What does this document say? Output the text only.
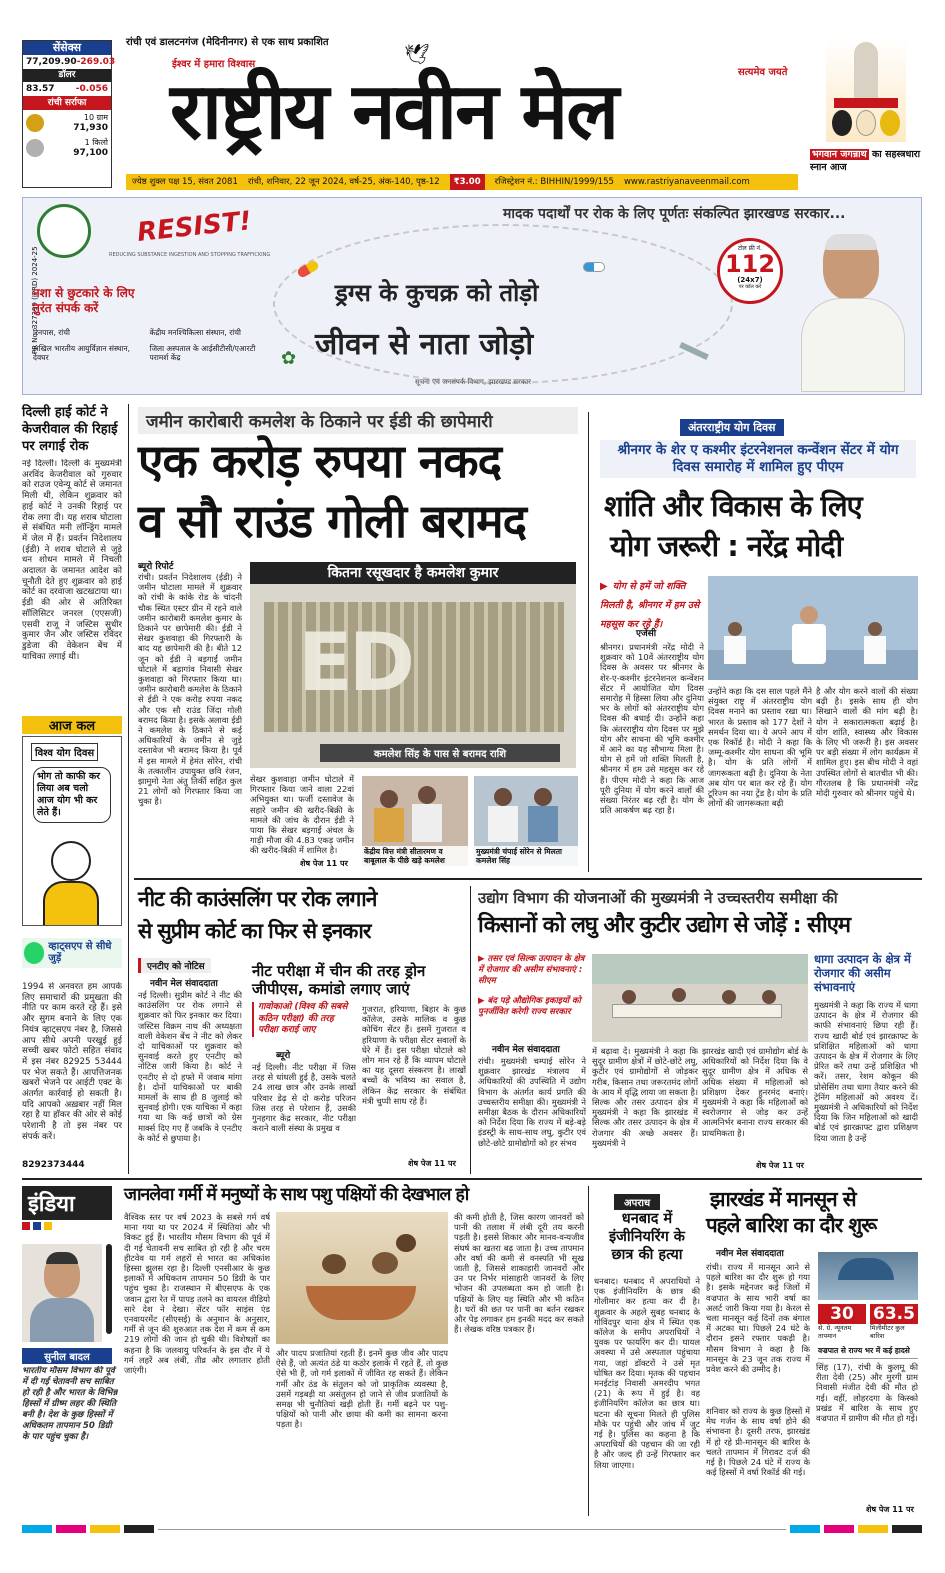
सेंसेक्स
77,209.90 -269.03
डॉलर
83.57 -0.056
रांची सर्राफा
10 ग्राम
71,930
1 किलो
97,100
रांची एवं डालटनगंज (मेदिनीनगर) से एक साथ प्रकाशित
ईश्वर में हमारा विश्वास
सत्यमेव जयते
🕊
राष्ट्रीय नवीन मेल
ज्येष्ठ शुक्ल पक्ष 15, संवत 2081 रांची, शनिवार, 22 जून 2024, वर्ष-25, अंक-140, पृष्ठ-12	₹3.00	रजिस्ट्रेशन नं.: BIHHIN/1999/155 www.rastriyanaveenmail.com
भगवान जगन्नाथ का सहस्त्रधारा स्नान आज
PR No. 327399 (IPRD) 2024-25
मादक पदार्थों पर रोक के लिए पूर्णतः संकल्पित झारखण्ड सरकार...
RESIST!
REDUCING SUBSTANCE INGESTION AND STOPPING TRAFFICKING
नशा से छुटकारे के लिए तुरंत संपर्क करें
रिनपास, रांची	केंद्रीय मनश्चिकित्सा संस्थान, रांची
अखिल भारतीय आयुर्विज्ञान संस्थान, देवघर
जिला अस्पताल के आईसीटीसी/एआरटी परामर्श केंद्र	✿
ड्रग्स के कुचक्र को तोड़ो
जीवन से नाता जोड़ो
सूचना एवं जनसंपर्क विभाग, झारखण्ड सरकार
टोल फ्री नं.
112
(24x7)
पर कॉल करें
दिल्ली हाई कोर्ट ने केजरीवाल की रिहाई पर लगाई रोक
नई दिल्ली। दिल्ली के मुख्यमंत्री अरविंद केजरीवाल को गुरुवार को राउज एवेन्यू कोर्ट से जमानत मिली थी, लेकिन शुक्रवार को हाई कोर्ट ने उनकी रिहाई पर रोक लगा दी। यह शराब घोटाला से संबंधित मनी लॉन्ड्रिंग मामले में जेल में हैं। प्रवर्तन निदेशालय (ईडी) ने शराब घोटाले से जुड़े धन शोधन मामले में निचली अदालत के जमानत आदेश को चुनौती देते हुए शुक्रवार को हाई कोर्ट का दरवाजा खटखटाया था। ईडी की ओर से अतिरिक्त सॉलिसिटर जनरल (एएसजी) एसवी राजू ने जस्टिस सुधीर कुमार जैन और जस्टिस रविंदर डुडेजा की वेकेशन बेंच में याचिका लगाई थी।
आज कल
विश्व योग दिवस
भोग तो काफी कर लिया अब चलो आज योग भी कर लेते हैं।
व्हाट्सएप से सीधे जुड़ें
1994 से अनवरत हम आपके लिए समाचारों की प्रमुखता की नीति पर काम करते रहे हैं। इसे और सुगम बनाने के लिए एक नियंत्र व्हाट्सएप नंबर है, जिससे आप सीधे अपनी परखुई हुई सच्ची खबर फोटो सहित संवाद में इस नंबर 82925 53444 पर भेज सकते हैं। आपत्तिजनक खबरों भेजने पर आईटी एक्ट के अंतर्गत कार्रवाई हो सकती है। यदि आपको अख़बार नहीं मिल रहा है या हॉकर की ओर से कोई परेशानी है तो इस नंबर पर संपर्क करें।
8292373444
जमीन कारोबारी कमलेश के ठिकाने पर ईडी की छापेमारी
एक करोड़ रुपया नकद
व सौ राउंड गोली बरामद
ब्यूरो रिपोर्ट
रांची। प्रवर्तन निदेशालय (ईडी) ने जमीन घोटाला मामले में शुक्रवार को रांची के कांके रोड के चांदनी चौक स्थित एस्टर ग्रीन में रहने वाले जमीन कारोबारी कमलेश कुमार के ठिकाने पर छापेमारी की। ईडी ने सेखर कुशवाहा की गिरफ्तारी के बाद यह छापेमारी की है। बीते 12 जून को ईडी ने बड़गाईं जमीन घोटाले में बड़ागांव निवासी सेखर कुशवाहा को गिरफ्तार किया था। जमीन कारोबारी कमलेश के ठिकाने से ईडी ने एक करोड़ रुपया नकद और एक सौ राउंड जिंदा गोली बरामद किया है। इसके अलावा ईडी ने कमलेश के ठिकाने से कई अधिकारियों के जमीन से जुड़े दस्तावेज भी बरामद किया है। पूर्व में इस मामले में हेमंत सोरेन, रांची के तत्कालीन उपायुक्त छवि रंजन, झामुमो नेता अंतु तिर्की सहित कुल 21 लोगों को गिरफ्तार किया जा चुका है।
कितना रसूखदार है कमलेश कुमार
ED
कमलेश सिंह के पास से बरामद राशि
सेखर कुशवाहा जमीन घोटाले में गिरफ्तार किया जाने वाला 22वां अभियुक्त था। फर्जी दस्तावेज के सहारे जमीन की खरीद-बिक्री के मामले की जांच के दौरान ईडी ने पाया कि सेखर बड़गाईं अंचल के गाड़ी मौजा की 4.83 एकड़ जमीन की खरीद-बिक्री में शामिल है।
शेष पेज 11 पर
केंद्रीय वित्त मंत्री सीतारमण व बाबूलाल के पीछे खड़े कमलेश
मुख्यमंत्री चंपाई सोरेन से मिलता कमलेश सिंह
अंतरराष्ट्रीय योग दिवस
श्रीनगर के शेर ए कश्मीर इंटरनेशनल कन्वेंशन सेंटर में योग दिवस समारोह में शामिल हुए पीएम
शांति और विकास के लिए
योग जरूरी : नरेंद्र मोदी
▶ योग से हमें जो शक्ति मिलती है, श्रीनगर में हम उसे महसूस कर रहे हैं।
एजेंसी
श्रीनगर। प्रधानमंत्री नरेंद्र मोदी ने शुक्रवार को 10वें अंतरराष्ट्रीय योग दिवस के अवसर पर श्रीनगर के शेर-ए-कश्मीर इंटरनेशनल कन्वेंशन सेंटर में आयोजित योग दिवस समारोह में हिस्सा लिया और दुनिया भर के लोगों को अंतरराष्ट्रीय योग दिवस की बधाई दी। उन्होंने कहा कि अंतरराष्ट्रीय योग दिवस पर मुझे योग और साधना की भूमि कश्मीर में आने का यह सौभाग्य मिला है। योग से हमें जो शक्ति मिलती है, श्रीनगर में हम उसे महसूस कर रहे हैं। पीएम मोदी ने कहा कि आज पूरी दुनिया में योग करने वालों की संख्या निरंतर बढ़ रही है। योग के प्रति आकर्षण बढ़ रहा है।
उन्होंने कहा कि दस साल पहले मैंने संयुक्त राष्ट्र में अंतरराष्ट्रीय योग दिवस मनाने का प्रस्ताव रखा था। भारत के प्रस्ताव को 177 देशों ने समर्थन दिया था। ये अपने आप में एक रिकॉर्ड है। मोदी ने कहा कि जम्मू-कश्मीर योग साधना की भूमि है। योग के प्रति लोगों में जागरूकता बढ़ी है। दुनिया के नेता अब योग पर बात कर रहे हैं। योग टूरिज्म का नया ट्रेंड है। योग के प्रति लोगों की जागरूकता बढ़ी
है और योग करने वालों की संख्या बढ़ी है। इसके साथ ही योग सिखाने वालों की मांग बढ़ी है। योग ने सकारात्मकता बढ़ाई है। योग शांति, स्वास्थ्य और विकास के लिए भी जरूरी है। इस अवसर पर बड़ी संख्या में लोग कार्यक्रम में शामिल हुए। इस बीच मोदी ने वहां उपस्थित लोगों से बातचीत भी की। गौरतलब है कि प्रधानमंत्री नरेंद्र मोदी गुरुवार को श्रीनगर पहुंचे थे।
नीट की काउंसलिंग पर रोक लगाने
से सुप्रीम कोर्ट का फिर से इनकार
एनटीए को नोटिस
नवीन मेल संवाददाता
नई दिल्ली। सुप्रीम कोर्ट ने नीट की काउंसलिंग पर रोक लगाने से शुक्रवार को फिर इनकार कर दिया। जस्टिस विक्रम नाथ की अध्यक्षता वाली वेकेशन बेंच ने नीट को लेकर दो याचिकाओं पर शुक्रवार को सुनवाई करते हुए एनटीए को नोटिस जारी किया है। कोर्ट ने एनटीए से दो हफ्ते में जवाब मांगा है। दोनों याचिकाओं पर बाकी मामलों के साथ ही 8 जुलाई को सुनवाई होगी। एक याचिका में कहा गया था कि कई छात्रों को ग्रेस मार्क्स दिए गए हैं जबकि वे एनटीए के कोर्ट से छुपाया है।
नीट परीक्षा में चीन की तरह ड्रोन जीपीएस, कमांडो लगाए जाएं
गावोकाओ (विश्व की सबसे कठिन परीक्षा) की तरह परीक्षा कराई जाए
ब्यूरो
नई दिल्ली। नीट परीक्षा में जिस तरह से धांधली हुई है, उसके चलते 24 लाख छात्र और उनके लाखों परिवार डेढ़ से दो करोड़ परिजन जिस तरह से परेशान हैं, उसकी गुनहगार केंद्र सरकार, नीट परीक्षा कराने वाली संस्था के प्रमुख व
गुजरात, हरियाणा, बिहार के कुछ कॉलेज, उसके मालिक व कुछ कोचिंग सेंटर हैं। इसमें गुजरात व हरियाणा के परीक्षा सेंटर सवालों के घेरे में हैं। इस परीक्षा घोटाले को लोग मान रहे हैं कि व्यापम घोटाले का यह दूसरा संस्करण है। लाखों बच्चों के भविष्य का सवाल है, लेकिन केंद्र सरकार के संबंधित मंत्री चुप्पी साध रहे हैं।
शेष पेज 11 पर
उद्योग विभाग की योजनाओं की मुख्यमंत्री ने उच्चस्तरीय समीक्षा की
किसानों को लघु और कुटीर उद्योग से जोड़ें : सीएम
▶ तसर एवं सिल्क उत्पादन के क्षेत्र में रोजगार की असीम संभावनाएं : सीएम
▶ बंद पड़े औद्योगिक इकाइयों को पुनर्जीवित करेगी राज्य सरकार
नवीन मेल संवाददाता
रांची। मुख्यमंत्री चम्पाई सोरेन ने शुक्रवार झारखंड मंत्रालय में अधिकारियों की उपस्थिति में उद्योग विभाग के अंतर्गत कार्य प्रगति की उच्चस्तरीय समीक्षा की। मुख्यमंत्री ने समीक्षा बैठक के दौरान अधिकारियों को निर्देश दिया कि राज्य में बड़े-बड़े इंडस्ट्री के साथ-साथ लघु, कुटीर एवं छोटे-छोटे ग्रामोद्योगों को हर संभव
में बढ़ावा दें। मुख्यमंत्री ने कहा कि सुदूर ग्रामीण क्षेत्रों में छोटे-छोटे लघु, कुटीर एवं ग्रामोद्योगों से जोड़कर गरीब, किसान तथा जरूरतमंद लोगों के आय में वृद्धि लाया जा सकता है। सिल्क और तसर उत्पादन क्षेत्र में मुख्यमंत्री ने कहा कि झारखंड में सिल्क और तसर उत्पादन के क्षेत्र में रोजगार की अच्छे अवसर हैं। मुख्यमंत्री ने
झारखंड खादी एवं ग्रामोद्योग बोर्ड के अधिकारियों को निर्देश दिया कि वे सुदूर ग्रामीण क्षेत्र में अधिक से अधिक संख्या में महिलाओं को प्रशिक्षण देकर हुनरमंद बनाएं। मुख्यमंत्री ने कहा कि महिलाओं को स्वरोजगार से जोड़ कर उन्हें आत्मनिर्भर बनाना राज्य सरकार की प्राथमिकता है।
शेष पेज 11 पर
धागा उत्पादन के क्षेत्र में रोजगार की असीम संभावनाएं
मुख्यमंत्री ने कहा कि राज्य में धागा उत्पादन के क्षेत्र में रोजगार की काफी संभावनाएं छिपा रही हैं। राज्य खादी बोर्ड एवं झारक्राफ्ट के प्रशिक्षित महिलाओं को धागा उत्पादन के क्षेत्र में रोजगार के लिए प्रेरित करें तथा उन्हें प्रशिक्षित भी करें। तसर, रेशम कोकून की प्रोसेसिंग तथा धागा तैयार करने की ट्रेनिंग महिलाओं को अवश्य दें। मुख्यमंत्री ने अधिकारियों को निर्देश दिया कि जिन महिलाओं को खादी बोर्ड एवं झारक्राफ्ट द्वारा प्रशिक्षण दिया जाता है उन्हें
इंडिया
सुनील बादल
भारतीय मौसम विभाग की पूर्व में दी गई चेतावनी सच साबित हो रही है और भारत के विभिन्न हिस्सों में ग्रीष्म लहर की स्थिति बनी है। देश के कुछ हिस्सों में अधिकतम तापमान 50 डिग्री के पार पहुंच चुका है।
जानलेवा गर्मी में मनुष्यों के साथ पशु पक्षियों की देखभाल हो
वैश्विक स्तर पर वर्ष 2023 के सबसे गर्म वर्ष माना गया था पर 2024 में स्थितियां और भी विकट हुई हैं। भारतीय मौसम विभाग की पूर्व में दी गई चेतावनी सच साबित हो रही है और चरम हीटवेव या गर्म लहरों से भारत का अधिकांश हिस्सा झुलस रहा है। दिल्ली एनसीआर के कुछ इलाकों में अधिकतम तापमान 50 डिग्री के पार पहुंच चुका है। राजस्थान में बीएसएफ के एक जवान द्वारा रेत में पापड़ तलने का वायरल वीडियो सारे देश ने देखा। सेंटर फॉर साइंस एंड एनवायरमेंट (सीएसई) के अनुमान के अनुसार, गर्मी से जून की शुरुआत तक देश में कम से कम 219 लोगों की जान हो चुकी थी। विशेषज्ञों का कहना है कि जलवायु परिवर्तन के इस दौर में ये गर्म लहरें अब लंबी, तीव्र और लगातार होती जाएंगी।
और पादप प्रजातियां रहती हैं। इनमें कुछ जीव और पादप ऐसे हैं, जो अत्यंत ठंडे या कठोर इलाके में रहते हैं, तो कुछ ऐसे भी हैं, जो गर्म इलाकों में जीवित रह सकते हैं। लेकिन गर्मी और ठंड के संतुलन को जो प्राकृतिक व्यवस्था है, उसमें गड़बड़ी या असंतुलन हो जाने से जीव प्रजातियों के समक्ष भी चुनौतियां खड़ी होती हैं। गर्मी बढ़ने पर पशु-पक्षियों को पानी और छाया की कमी का सामना करना पड़ता है।
की कमी होती है, जिस कारण जानवरों को पानी की तलाश में लंबी दूरी तय करनी पड़ती है। इससे शिकार और मानव-वन्यजीव संघर्ष का खतरा बढ़ जाता है। उच्च तापमान और वर्षा की कमी से वनस्पति भी सूख जाती है, जिससे शाकाहारी जानवरों और उन पर निर्भर मांसाहारी जानवरों के लिए भोजन की उपलब्धता कम हो जाती है। पक्षियों के लिए यह स्थिति और भी कठिन है। घरों की छत पर पानी का बर्तन रखकर और पेड़ लगाकर हम इनकी मदद कर सकते हैं। लेखक वरिष्ठ पत्रकार हैं।
अपराध
धनबाद में इंजीनियरिंग के छात्र की हत्या
धनबाद। धनबाद में अपराधियों ने एक इंजीनियरिंग के छात्र की गोलीमार कर हत्या कर दी है। शुक्रवार के अहले सुबह धनबाद के गोविंदपुर थाना क्षेत्र में स्थित एक कॉलेज के समीप अपराधियों ने युवक पर फायरिंग कर दी। घायल अवस्था में उसे अस्पताल पहुंचाया गया, जहां डॉक्टरों ने उसे मृत घोषित कर दिया। मृतक की पहचान मनईटांड़ निवासी अमरदीप भगत (21) के रूप में हुई है। वह इंजीनियरिंग कॉलेज का छात्र था। घटना की सूचना मिलते ही पुलिस मौके पर पहुंची और जांच में जुट गई है। पुलिस का कहना है कि अपराधियों की पहचान की जा रही है और जल्द ही उन्हें गिरफ्तार कर लिया जाएगा।
झारखंड में मानसून से
पहले बारिश का दौर शुरू
नवीन मेल संवाददाता
रांची। राज्य में मानसून आने से पहले बारिश का दौर शुरू हो गया है। इसके मद्देनजर कई जिलों में वज्रपात के साथ भारी वर्षा का अलर्ट जारी किया गया है। केरल से चला मानसून कई दिनों तक बंगाल में अटका था। पिछले 24 घंटे के दौरान इसने रफ्तार पकड़ी है। मौसम विभाग ने कहा है कि मानसून के 23 जून तक राज्य में प्रवेश करने की उम्मीद है।
शनिवार को राज्य के कुछ हिस्सों में मेघ गर्जन के साथ वर्षा होने की संभावना है। दूसरी तरफ, झारखंड में हो रहे प्री-मानसून की बारिश के चलते तापमान में गिरावट दर्ज की गई है। पिछले 24 घंटे में राज्य के कई हिस्सों में वर्षा रिकॉर्ड की गई।
30
से. ग्रे. न्यूनतम तापमान
63.5
मिलीमीटर कुल बारिश
वज्रपात से राज्य भर में कई हादसे
सिंह (17), रांची के कुलमू की रीता देवी (25) और मुरगी ग्राम निवासी मंजीत देवी की मौत हो गई। वहीं, लोहरदगा के किस्को प्रखंड में बारिश के साथ हुए वज्रपात में ग्रामीण की मौत हो गई।
शेष पेज 11 पर
